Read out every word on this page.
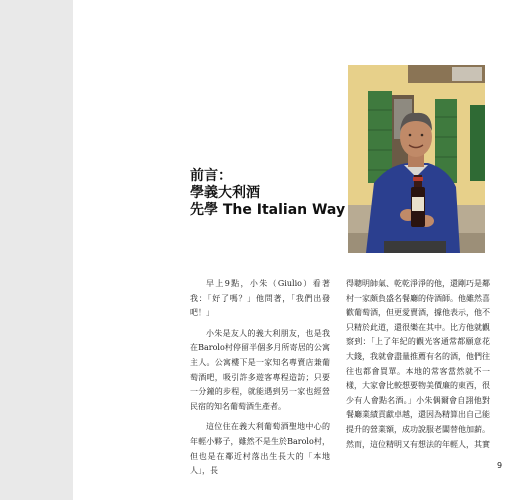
前言：
學義大利酒
先學 The Italian Way

早上9點，小朱（Giulio）看著我：「好了嗎？」他問著，「我們出發吧！」

小朱是友人的義大利朋友，也是我在Barolo村停留半個多月所寄居的公寓主人。公寓樓下是一家知名專賣店兼葡萄酒吧，吸引許多遊客專程造訪；只要一分鐘的步程，就能遇到另一家也經營民宿的知名葡萄酒生產者。

這位住在義大利葡萄酒聖地中心的年輕小夥子，雖然不是生於Barolo村，但也是在鄰近村落出生長大的「本地人」，長

得聰明帥氣、乾乾淨淨的他，還剛巧是鄰村一家頗負盛名餐廳的侍酒師。他雖然喜歡葡萄酒，但更愛賣酒，據他表示，他不只精於此道，還很樂在其中。比方他就觀察到：「上了年紀的觀光客通常都願意花大錢，我就會盡量推薦有名的酒，他們往往也都會買單。本地的常客當然就不一樣，大家會比較想要物美價廉的東西，很少有人會點名酒。」小朱偶爾會自詡他對餐廳業績貢獻卓越，還因為精算出自己能提升的營業額，成功說服老闆替他加薪。然而，這位精明又有想法的年輕人，其實

9
